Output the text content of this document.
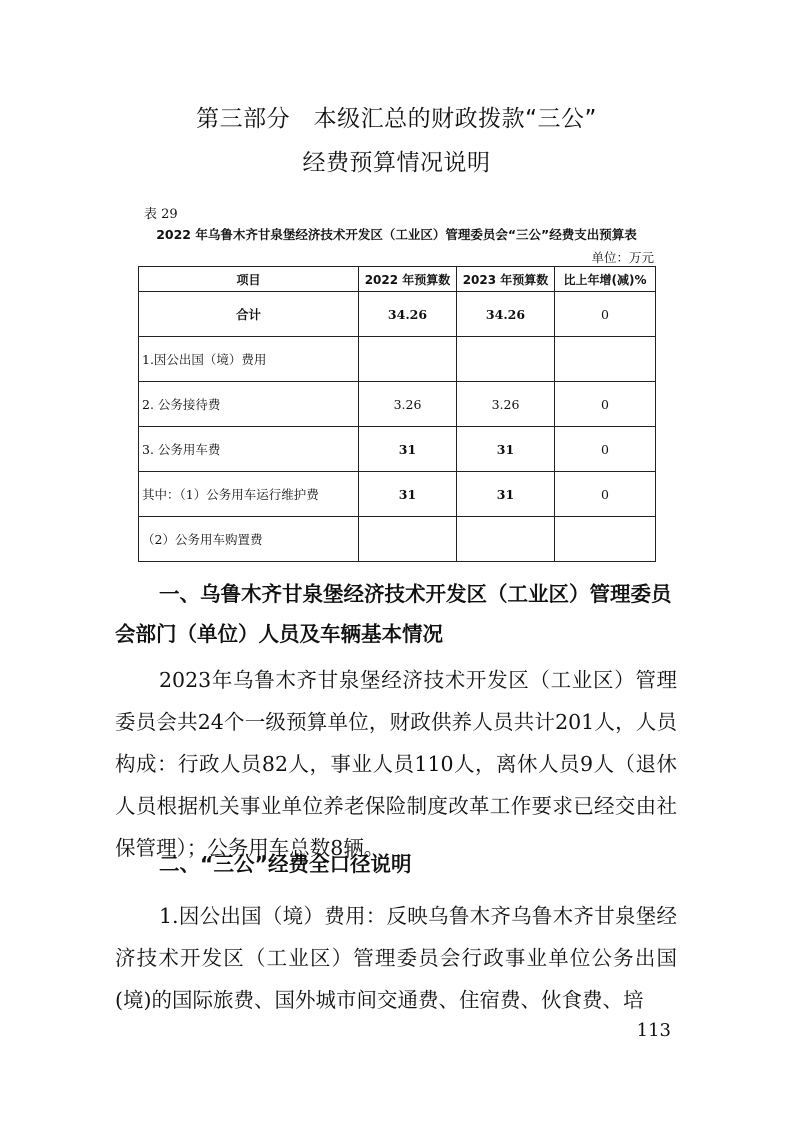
第三部分　本级汇总的财政拨款“三公”
经费预算情况说明
表 29
2022 年乌鲁木齐甘泉堡经济技术开发区（工业区）管理委员会“三公”经费支出预算表
单位：万元
项目	2022 年预算数	2023 年预算数	比上年增(减)%
合计	34.26	34.26	0
1.因公出国（境）费用			
2. 公务接待费	3.26	3.26	0
3. 公务用车费	31	31	0
其中：（1）公务用车运行维护费	31	31	0
（2）公务用车购置费			
一、乌鲁木齐甘泉堡经济技术开发区（工业区）管理委员会部门（单位）人员及车辆基本情况
2023年乌鲁木齐甘泉堡经济技术开发区（工业区）管理委员会共24个一级预算单位，财政供养人员共计201人，人员构成：行政人员82人，事业人员110人，离休人员9人（退休人员根据机关事业单位养老保险制度改革工作要求已经交由社保管理）；公务用车总数8辆。
二、“三公”经费全口径说明
1.因公出国（境）费用：反映乌鲁木齐乌鲁木齐甘泉堡经济技术开发区（工业区）管理委员会行政事业单位公务出国(境)的国际旅费、国外城市间交通费、住宿费、伙食费、培
113
